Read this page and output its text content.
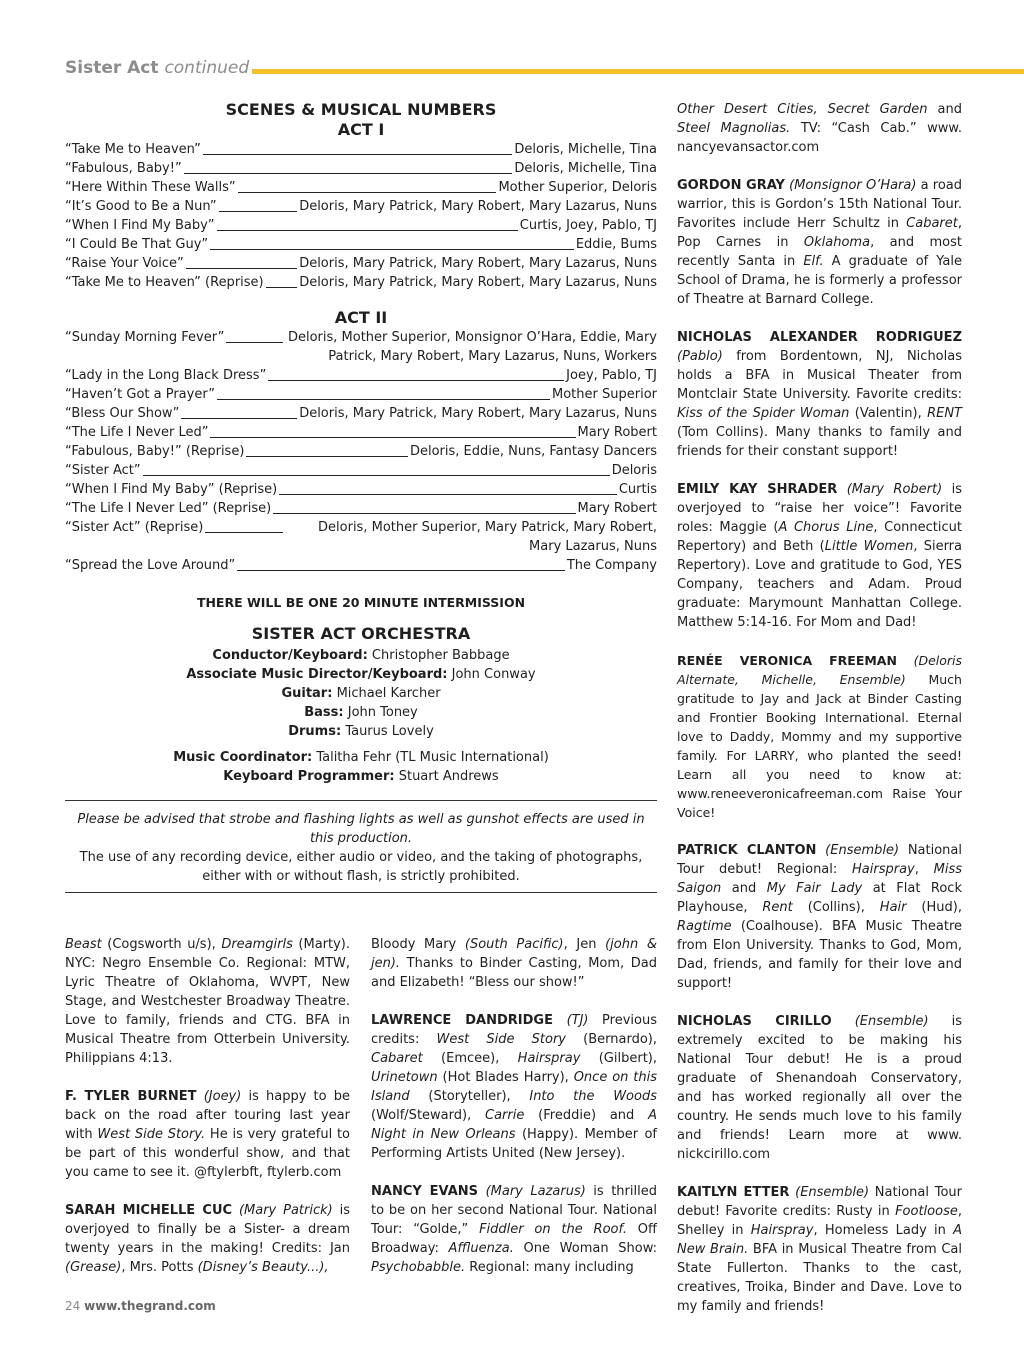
Sister Act continued
SCENES & MUSICAL NUMBERS
ACT I
“Take Me to Heaven”	Deloris, Michelle, Tina
“Fabulous, Baby!”	Deloris, Michelle, Tina
“Here Within These Walls”	Mother Superior, Deloris
“It’s Good to Be a Nun”	Deloris, Mary Patrick, Mary Robert, Mary Lazarus, Nuns
“When I Find My Baby”	Curtis, Joey, Pablo, TJ
“I Could Be That Guy”	Eddie, Bums
“Raise Your Voice”	Deloris, Mary Patrick, Mary Robert, Mary Lazarus, Nuns
“Take Me to Heaven” (Reprise)	Deloris, Mary Patrick, Mary Robert, Mary Lazarus, Nuns
ACT II
“Sunday Morning Fever”	Deloris, Mother Superior, Monsignor O’Hara, Eddie, Mary Patrick, Mary Robert, Mary Lazarus, Nuns, Workers
“Lady in the Long Black Dress”	Joey, Pablo, TJ
“Haven’t Got a Prayer”	Mother Superior
“Bless Our Show”	Deloris, Mary Patrick, Mary Robert, Mary Lazarus, Nuns
“The Life I Never Led”	Mary Robert
“Fabulous, Baby!” (Reprise)	Deloris, Eddie, Nuns, Fantasy Dancers
“Sister Act”	Deloris
“When I Find My Baby” (Reprise)	Curtis
“The Life I Never Led” (Reprise)	Mary Robert
“Sister Act” (Reprise)	Deloris, Mother Superior, Mary Patrick, Mary Robert, Mary Lazarus, Nuns
“Spread the Love Around”	The Company
THERE WILL BE ONE 20 MINUTE INTERMISSION
SISTER ACT ORCHESTRA
Conductor/Keyboard: Christopher Babbage
Associate Music Director/Keyboard: John Conway
Guitar: Michael Karcher
Bass: John Toney
Drums: Taurus Lovely
Music Coordinator: Talitha Fehr (TL Music International)
Keyboard Programmer: Stuart Andrews
Please be advised that strobe and flashing lights as well as gunshot effects are used in this production.
The use of any recording device, either audio or video, and the taking of photographs, either with or without flash, is strictly prohibited.

Beast (Cogsworth u/s), Dreamgirls (Marty). NYC: Negro Ensemble Co. Regional: MTW, Lyric Theatre of Oklahoma, WVPT, New Stage, and Westchester Broadway Theatre. Love to family, friends and CTG. BFA in Musical Theatre from Otterbein University. Philippians 4:13.

F. TYLER BURNET (Joey) is happy to be back on the road after touring last year with West Side Story. He is very grateful to be part of this wonderful show, and that you came to see it. @ftylerbft, ftylerb.com

SARAH MICHELLE CUC (Mary Patrick) is overjoyed to finally be a Sister- a dream twenty years in the making! Credits: Jan (Grease), Mrs. Potts (Disney’s Beauty...),

Bloody Mary (South Pacific), Jen (john & jen). Thanks to Binder Casting, Mom, Dad and Elizabeth! “Bless our show!”

LAWRENCE DANDRIDGE (TJ) Previous credits: West Side Story (Bernardo), Cabaret (Emcee), Hairspray (Gilbert), Urinetown (Hot Blades Harry), Once on this Island (Storyteller), Into the Woods (Wolf/Steward), Carrie (Freddie) and A Night in New Orleans (Happy). Member of Performing Artists United (New Jersey).

NANCY EVANS (Mary Lazarus) is thrilled to be on her second National Tour. National Tour: “Golde,” Fiddler on the Roof. Off Broadway: Affluenza. One Woman Show: Psychobabble. Regional: many including

Other Desert Cities, Secret Garden and Steel Magnolias. TV: “Cash Cab.” www. nancyevansactor.com

GORDON GRAY (Monsignor O’Hara) a road warrior, this is Gordon’s 15th National Tour. Favorites include Herr Schultz in Cabaret, Pop Carnes in Oklahoma, and most recently Santa in Elf. A graduate of Yale School of Drama, he is formerly a professor of Theatre at Barnard College.

NICHOLAS ALEXANDER RODRIGUEZ (Pablo) from Bordentown, NJ, Nicholas holds a BFA in Musical Theater from Montclair State University. Favorite credits: Kiss of the Spider Woman (Valentin), RENT (Tom Collins). Many thanks to family and friends for their constant support!

EMILY KAY SHRADER (Mary Robert) is overjoyed to “raise her voice”! Favorite roles: Maggie (A Chorus Line, Connecticut Repertory) and Beth (Little Women, Sierra Repertory). Love and gratitude to God, YES Company, teachers and Adam. Proud graduate: Marymount Manhattan College. Matthew 5:14-16. For Mom and Dad!

RENÉE VERONICA FREEMAN (Deloris Alternate, Michelle, Ensemble) Much gratitude to Jay and Jack at Binder Casting and Frontier Booking International. Eternal love to Daddy, Mommy and my supportive family. For LARRY, who planted the seed! Learn all you need to know at: www.reneeveronicafreeman.com Raise Your Voice!

PATRICK CLANTON (Ensemble) National Tour debut! Regional: Hairspray, Miss Saigon and My Fair Lady at Flat Rock Playhouse, Rent (Collins), Hair (Hud), Ragtime (Coalhouse). BFA Music Theatre from Elon University. Thanks to God, Mom, Dad, friends, and family for their love and support!

NICHOLAS CIRILLO (Ensemble) is extremely excited to be making his National Tour debut! He is a proud graduate of Shenandoah Conservatory, and has worked regionally all over the country. He sends much love to his family and friends! Learn more at www. nickcirillo.com

KAITLYN ETTER (Ensemble) National Tour debut! Favorite credits: Rusty in Footloose, Shelley in Hairspray, Homeless Lady in A New Brain. BFA in Musical Theatre from Cal State Fullerton. Thanks to the cast, creatives, Troika, Binder and Dave. Love to my family and friends!

24 www.thegrand.com
